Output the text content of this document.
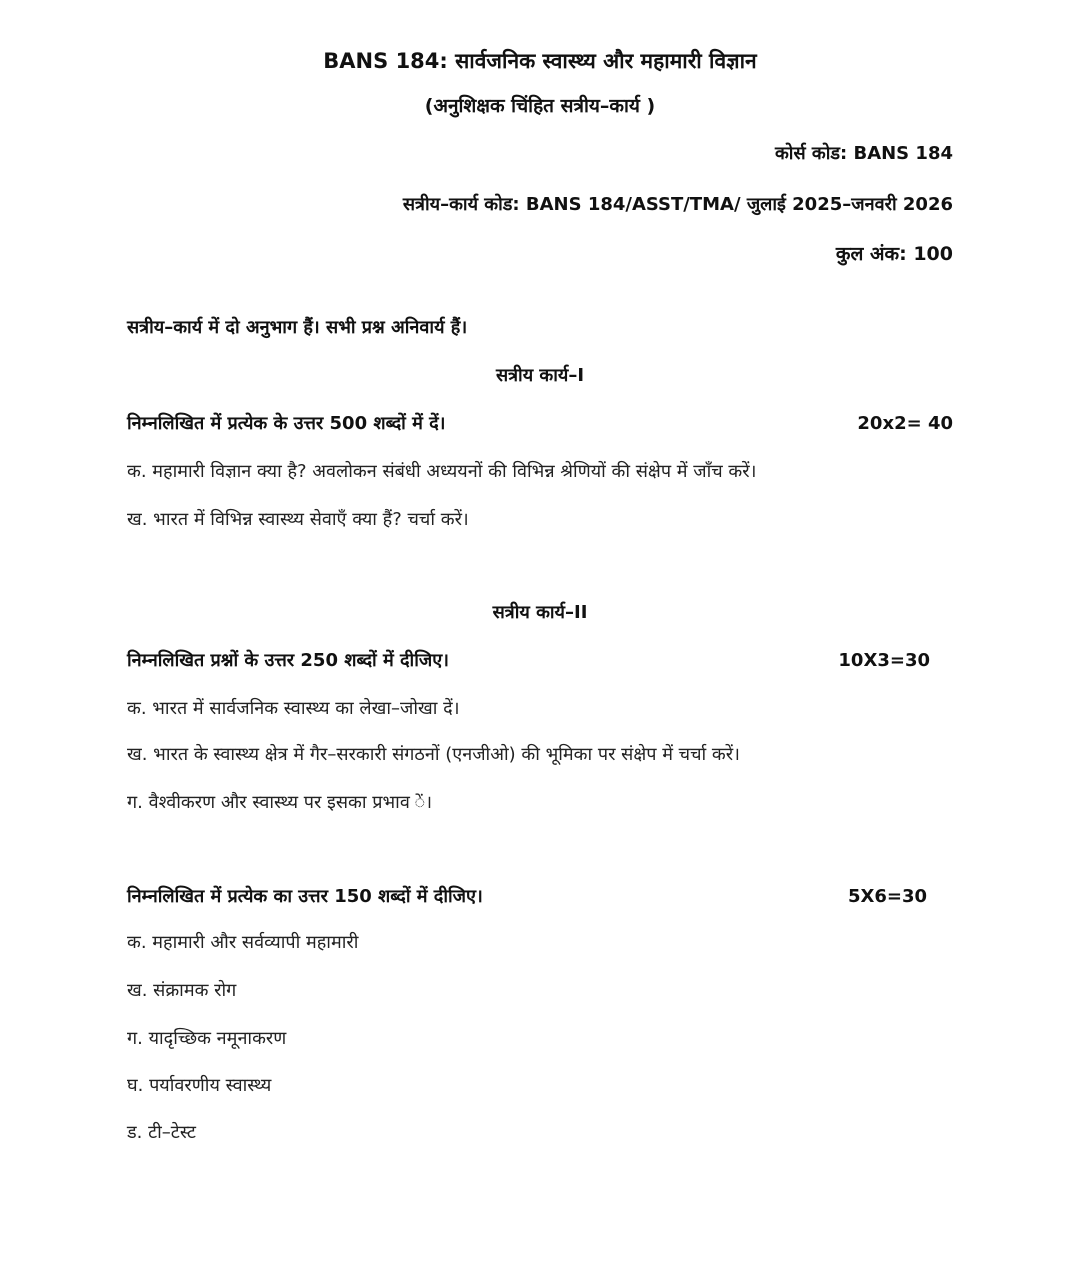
BANS 184: सार्वजनिक स्वास्थ्य और महामारी विज्ञान
(अनुशिक्षक चिंहित सत्रीय–कार्य )
कोर्स कोड: BANS 184
सत्रीय–कार्य कोड: BANS 184/ASST/TMA/ जुलाई 2025–जनवरी 2026
कुल अंक: 100
सत्रीय–कार्य में दो अनुभाग हैं। सभी प्रश्न अनिवार्य हैं।
सत्रीय कार्य–I
निम्नलिखित में प्रत्येक के उत्तर 500 शब्दों में दें।	20x2= 40
क. महामारी विज्ञान क्या है? अवलोकन संबंधी अध्ययनों की विभिन्न श्रेणियों की संक्षेप में जाँच करें।
ख. भारत में विभिन्न स्वास्थ्य सेवाएँ क्या हैं? चर्चा करें।
सत्रीय कार्य–II
निम्नलिखित प्रश्नों के उत्तर 250 शब्दों में दीजिए।	10X3=30
क. भारत में सार्वजनिक स्वास्थ्य का लेखा–जोखा दें।
ख. भारत के स्वास्थ्य क्षेत्र में गैर–सरकारी संगठनों (एनजीओ) की भूमिका पर संक्षेप में चर्चा करें।
ग. वैश्वीकरण और स्वास्थ्य पर इसका प्रभाव ें।
निम्नलिखित में प्रत्येक का उत्तर 150 शब्दों में दीजिए।	5X6=30
क. महामारी और सर्वव्यापी महामारी
ख. संक्रामक रोग
ग. यादृच्छिक नमूनाकरण
घ. पर्यावरणीय स्वास्थ्य
ड. टी–टेस्ट
